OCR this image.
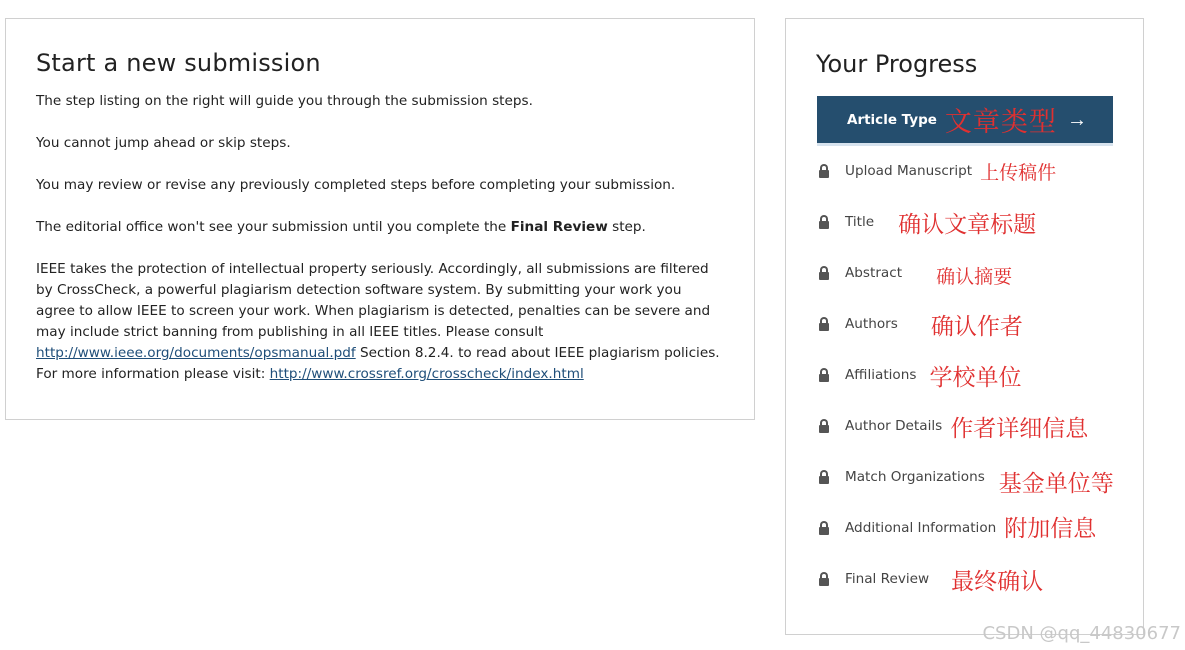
Start a new submission

The step listing on the right will guide you through the submission steps.

You cannot jump ahead or skip steps.

You may review or revise any previously completed steps before completing your submission.

The editorial office won't see your submission until you complete the Final Review step.

IEEE takes the protection of intellectual property seriously. Accordingly, all submissions are filtered by CrossCheck, a powerful plagiarism detection software system. By submitting your work you agree to allow IEEE to screen your work. When plagiarism is detected, penalties can be severe and may include strict banning from publishing in all IEEE titles. Please consult http://www.ieee.org/documents/opsmanual.pdf Section 8.2.4. to read about IEEE plagiarism policies. For more information please visit: http://www.crossref.org/crosscheck/index.html

Your Progress
Article Type 文章类型 →
Upload Manuscript 上传稿件
Title 确认文章标题
Abstract 确认摘要
Authors 确认作者
Affiliations 学校单位
Author Details 作者详细信息
Match Organizations 基金单位等
Additional Information 附加信息
Final Review 最终确认
CSDN @qq_44830677
